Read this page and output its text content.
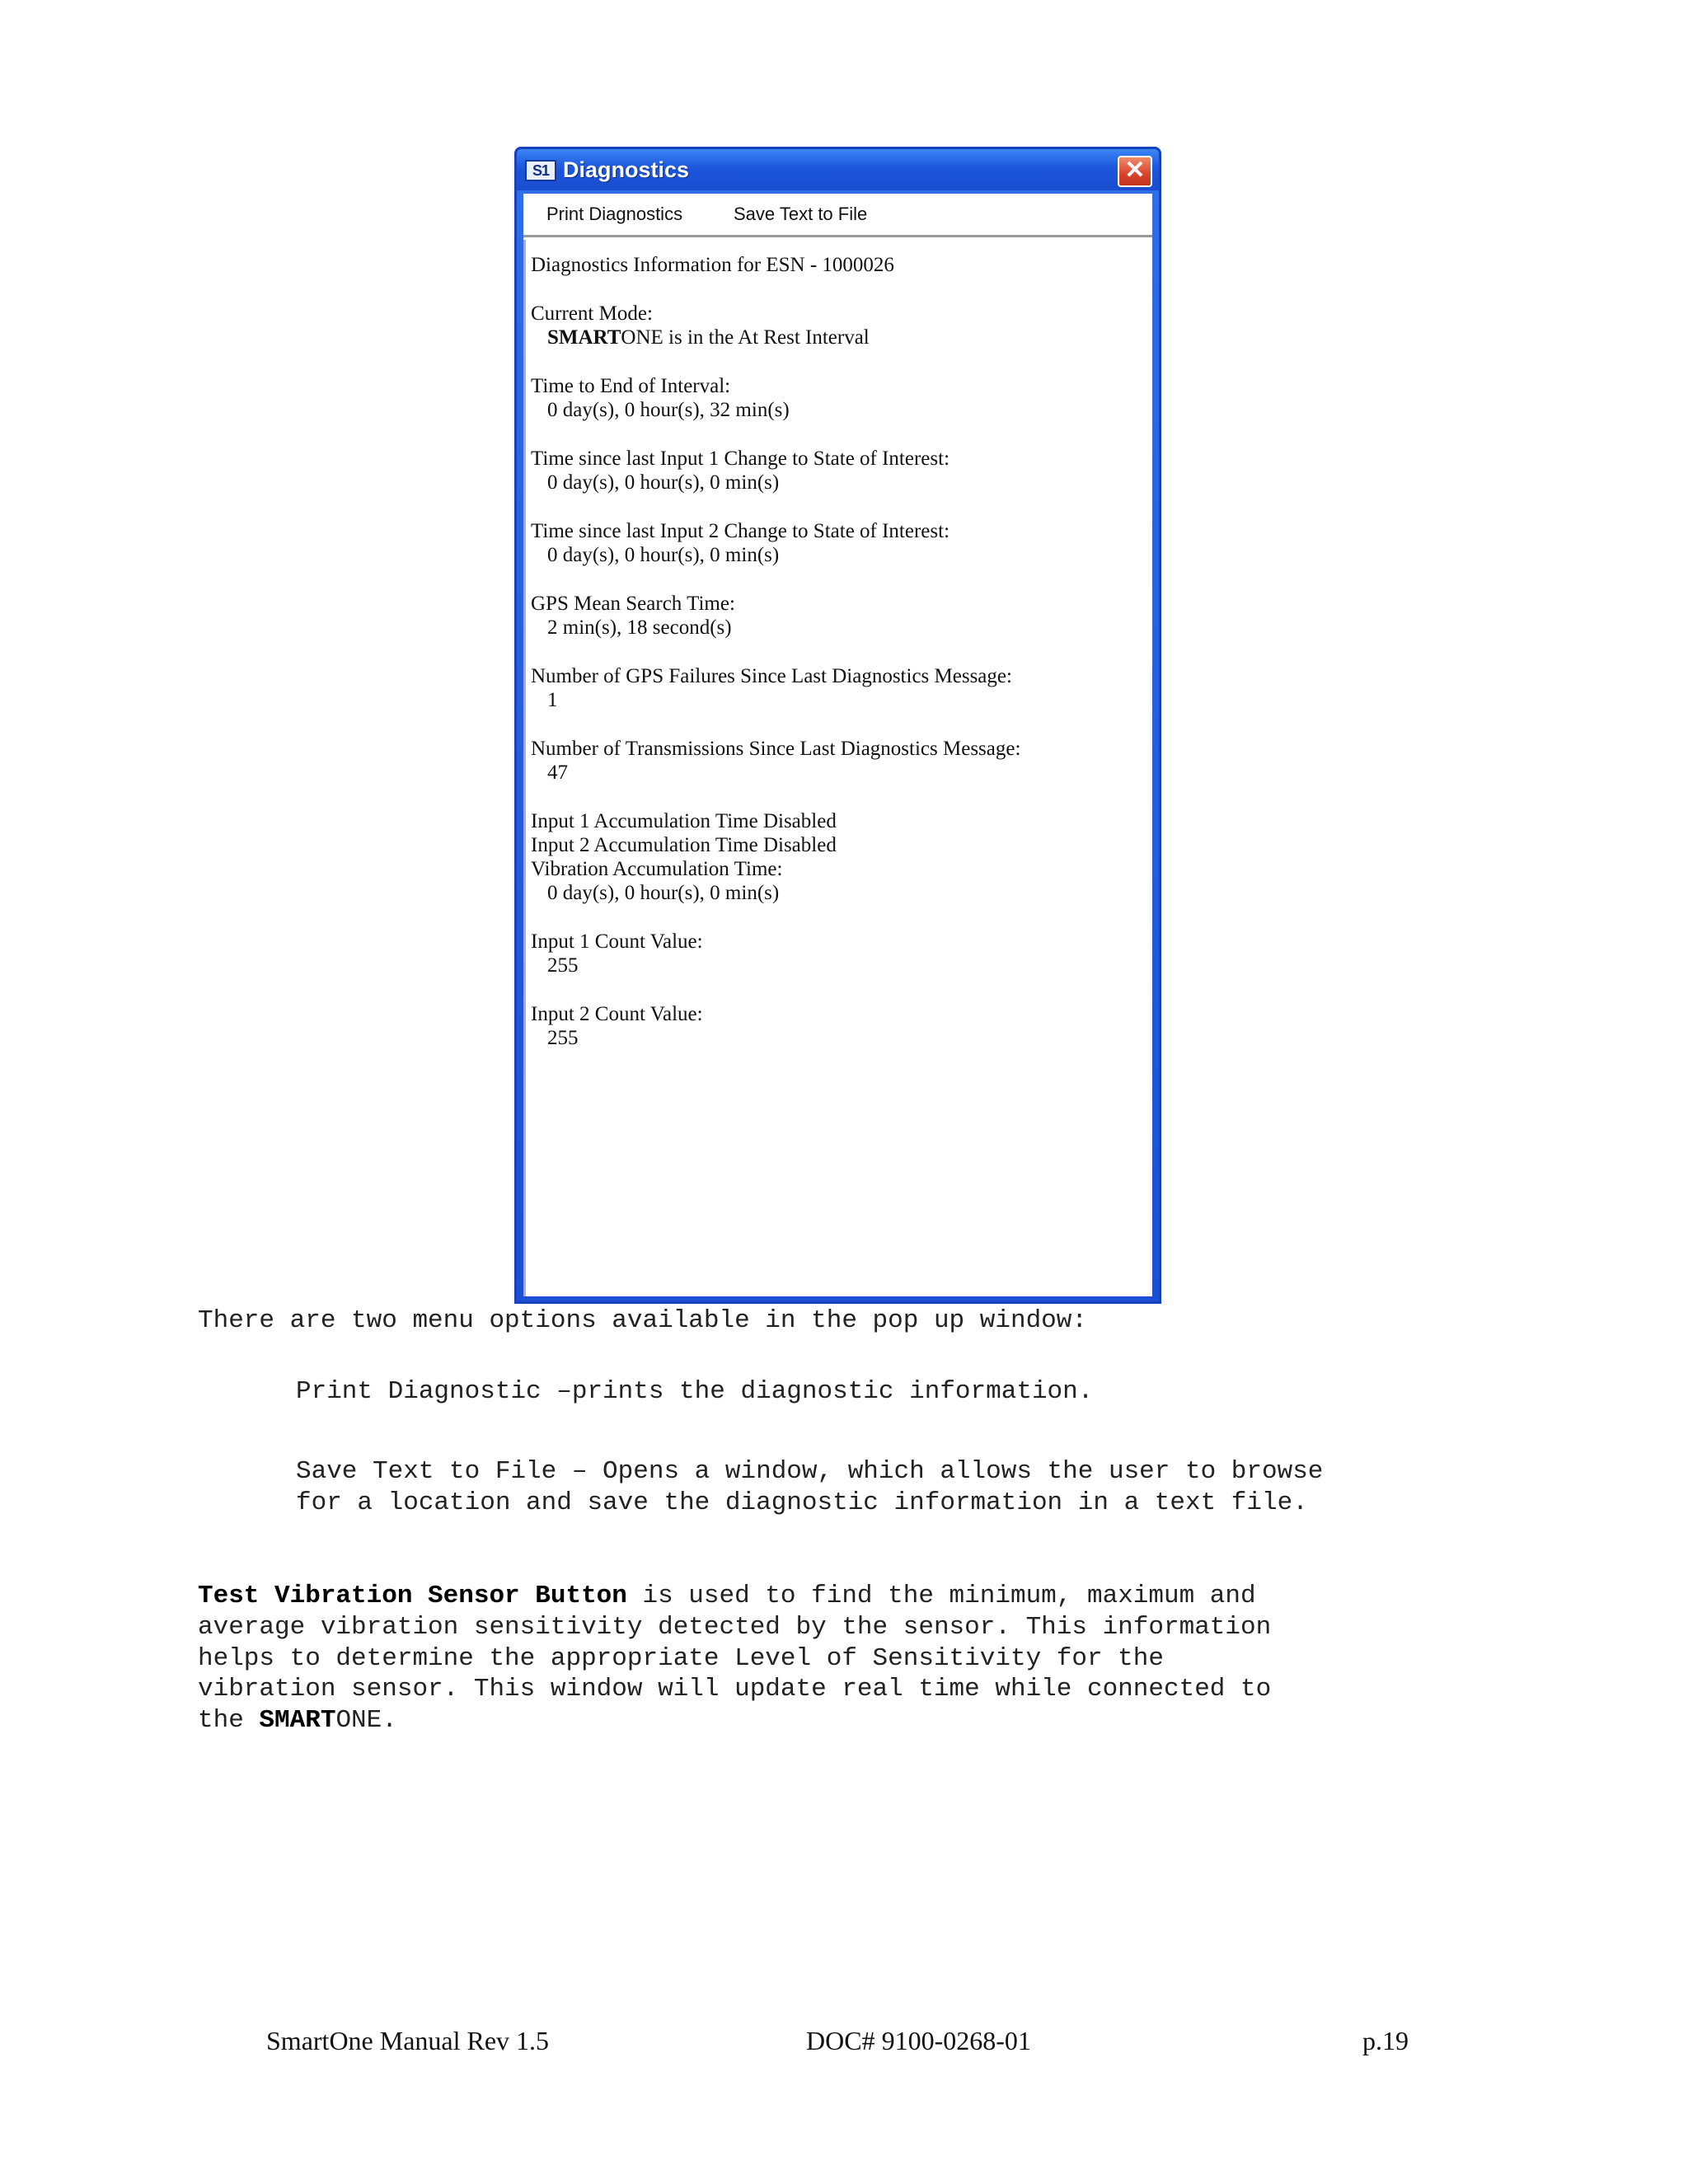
S1 Diagnostics	✕
Print Diagnostics	Save Text to File
Diagnostics Information for ESN - 1000026
Current Mode:
SMARTONE is in the At Rest Interval
Time to End of Interval:
0 day(s), 0 hour(s), 32 min(s)
Time since last Input 1 Change to State of Interest:
0 day(s), 0 hour(s), 0 min(s)
Time since last Input 2 Change to State of Interest:
0 day(s), 0 hour(s), 0 min(s)
GPS Mean Search Time:
2 min(s), 18 second(s)
Number of GPS Failures Since Last Diagnostics Message:
1
Number of Transmissions Since Last Diagnostics Message:
47
Input 1 Accumulation Time Disabled
Input 2 Accumulation Time Disabled
Vibration Accumulation Time:
0 day(s), 0 hour(s), 0 min(s)
Input 1 Count Value:
255
Input 2 Count Value:
255
There are two menu options available in the pop up window:
Print Diagnostic –prints the diagnostic information.
Save Text to File – Opens a window, which allows the user to browse
for a location and save the diagnostic information in a text file.
Test Vibration Sensor Button is used to find the minimum, maximum and
average vibration sensitivity detected by the sensor. This information
helps to determine the appropriate Level of Sensitivity for the
vibration sensor. This window will update real time while connected to
the SMARTONE.
SmartOne Manual Rev 1.5	DOC# 9100-0268-01	p.19
